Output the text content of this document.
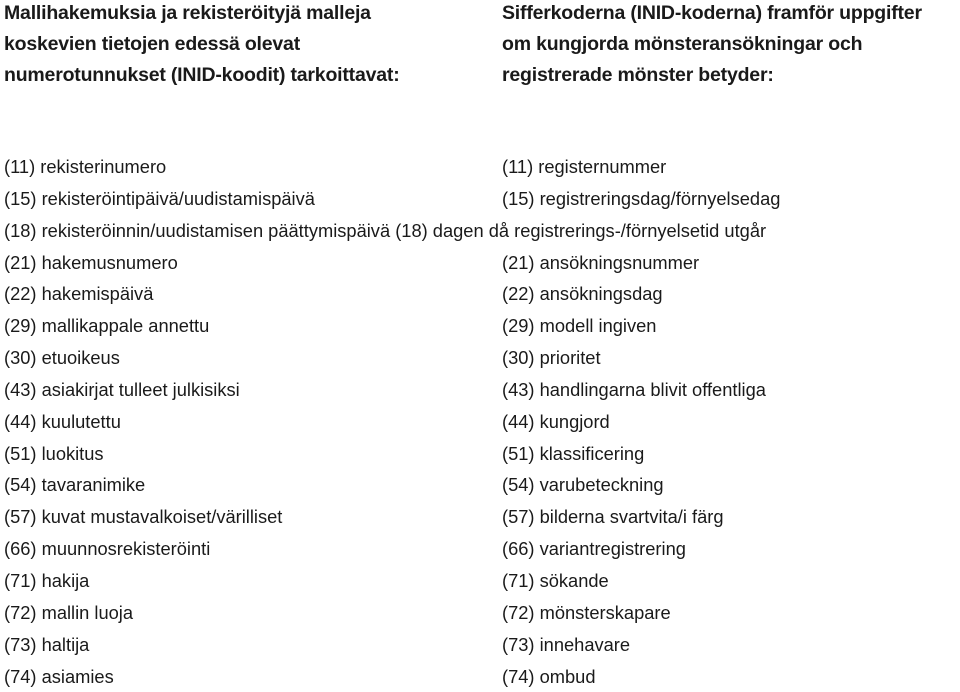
Mallihakemuksia ja rekisteröityjä malleja
koskevien tietojen edessä olevat
numerotunnukset (INID-koodit) tarkoittavat:
Sifferkoderna (INID-koderna) framför uppgifter
om kungjorda mönsteransökningar och
registrerade mönster betyder:
(11) rekisterinumero	(11) registernummer
(15) rekisteröintipäivä/uudistamispäivä	(15) registreringsdag/förnyelsedag
(18) rekisteröinnin/uudistamisen päättymispäivä (18) dagen då registrerings-/förnyelsetid utgår
(21) hakemusnumero	(21) ansökningsnummer
(22) hakemispäivä	(22) ansökningsdag
(29) mallikappale annettu	(29) modell ingiven
(30) etuoikeus	(30) prioritet
(43) asiakirjat tulleet julkisiksi	(43) handlingarna blivit offentliga
(44) kuulutettu	(44) kungjord
(51) luokitus	(51) klassificering
(54) tavaranimike	(54) varubeteckning
(57) kuvat mustavalkoiset/värilliset	(57) bilderna svartvita/i färg
(66) muunnosrekisteröinti	(66) variantregistrering
(71) hakija	(71) sökande
(72) mallin luoja	(72) mönsterskapare
(73) haltija	(73) innehavare
(74) asiamies	(74) ombud
